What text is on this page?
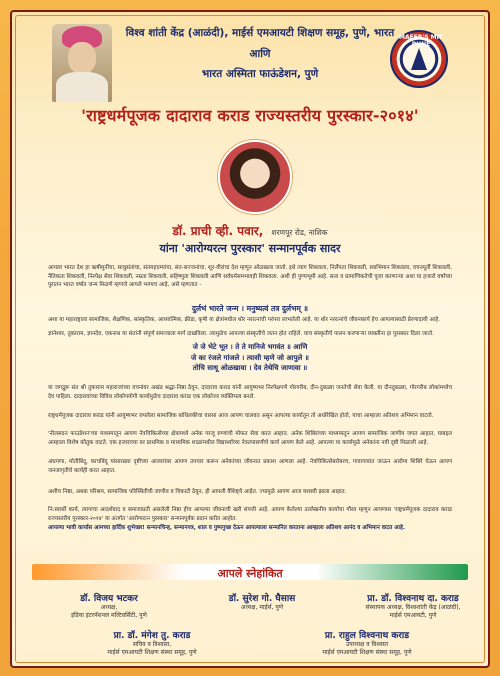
विश्व शांती केंद्र (आळंदी), माईर्स एमआयटी शिक्षण समूह, पुणे, भारत
आणि
भारत अस्मिता फाऊंडेशन, पुणे
MAEER'S MIT PUNE
'राष्ट्रधर्मपूजक दादाराव कराड राज्यस्तरीय पुरस्कार-२०१४'
डॉ. प्राची व्ही. पवार, शरणपूर रोड, नाशिक
यांना 'आरोग्यरत्न पुरस्कार' सन्मानपूर्वक सादर
आपला भारत देश हा ऋषीमुनींचा, साधुसंतांचा, संतमहात्म्यांचा, संत-सज्जनांचा, शूर-वीरांचा देश म्हणून ओळखला जातो. इथे त्याग शिकवला, निर्लेपता शिकवली, स्वाभिमान शिकवला, वचनपूर्ती शिकवली, नैतिकता शिकवली, निरपेक्ष सेवा शिकवली, नम्रता शिकवली, सहिष्णुता शिकवली आणि सर्वधर्मसमभावही शिकवला. अशी ही पुण्यभूमी आहे. सत्य व प्रामाणिकतेची पूजा करणाऱ्या अशा या हजारो वर्षांच्या पुरातन भारत वर्षात जन्म मिळणे म्हणजे आपले भाग्यच आहे, असे म्हणतात -
दुर्लभं भारते जन्म । मनुष्यत्वं तत्र दुर्लभम् ॥
अशा या महाराष्ट्राला सामाजिक, शैक्षणिक, सांस्कृतिक, आध्यात्मिक, क्रीडा, कृषी या क्षेत्रांमधील थोर नररत्नांची परंपरा लाभलेली आहे. या थोर नररत्नांचे जीवनकार्य हेच आपल्यासाठी प्रेरणादायी आहे.
ज्ञानेश्वर, तुकाराम, ज्ञानदेव, एकनाथ या संतांनी संपूर्ण समाजाला मार्ग दाखविला. त्यामुळेच आपल्या संस्कृतीचे जतन होत राहिले. याच संस्कृतीचे पालन करणाऱ्या व्यक्तींना हा पुरस्कार दिला जातो.
जे जे भेटे भूत । ते ते मानिजे भगवंत ॥ आणि
जे का रंजले गांजले । त्यासी म्हणे जो आपुले ॥
तोचि साधू ओळखावा । देव तेथेचि जाणावा ॥
या जगद्गुरू संत श्री तुकाराम महाराजांच्या वचनांवर अखंड श्रद्धा-निष्ठा ठेवून, दादाराव कराड यांनी आयुष्यभर निरपेक्षपणे गोरगरीब, दीन-दुबळ्या जनतेची सेवा केली. या दीनदुबळ्या, गोरगरीब लोकांमध्येच देव पाहिला. दादारावांच्या विविध लोकोपयोगी कार्यामुळेच दादाराव कराड एक लोकोत्तर व्यक्तिमत्व बनले.
राष्ट्रधर्मपूजक दादाराव कराड यांनी आयुष्यभर जपलेला सामाजिक बांधिलकीचा वारसा आज आपण चालवत असून आपल्या कार्यातून तो अधोरेखित होतो, याचा आम्हाला अतिशय अभिमान वाटतो.
'नीलसदन फाउंडेशन'च्या माध्यमातून आपण नेत्रचिकित्सेच्या क्षेत्रामध्ये अनेक गरजू रुग्णांची मोफत सेवा करत आहात. अनेक शिबिरांच्या माध्यमातून आपण सामाजिक जाणीव जपत आहात, याबद्दल आम्हाला विशेष कौतुक वाटते. एक हजाराच्या वर प्राथमिक व माध्यमिक शाळांमधील विद्यार्थ्यांच्या नेत्रतपासणीचे कार्य आपण केले आहे. आपल्या या कार्यामुळे अनेकांना नवी दृष्टी मिळाली आहे.
अंधपणा, मोतीबिंदू, काचबिंदू यांसारख्या दृष्टीच्या आजारांवर आपण उपचार करून अनेकांच्या जीवनात प्रकाश आणला आहे. नेत्रचिकित्सेबरोबरच, गावागावांत जाऊन आरोग्य शिबिरे घेऊन आपण जनजागृतीचे कार्यही करत आहात.
अशीच निष्ठा, अथक परिश्रम, सामाजिक परिस्थितीची जाणीव व चिकाटी ठेवून, ही आपली वैशिष्ट्ये आहेत. ज्यामुळे आपण आज यशस्वी झाला आहात.
नि:स्वार्थी कार्य, त्यागाचा आदर्शवाद व समाजाप्रती असलेली निष्ठा हीच आपल्या जीवनाची खरी संपत्ती आहे. आपण केलेल्या उल्लेखनीय कार्याचा गौरव म्हणून आपणास 'राष्ट्रधर्मपूजक दादाराव कराड राज्यस्तरीय पुरस्कार-२०१४' या अंतर्गत 'आरोग्यरत्न पुरस्कार' सन्मानपूर्वक प्रदान करीत आहोत.
आपल्या भावी कार्यास आमच्या हार्दिक शुभेच्छा! सन्मानचिन्ह, सन्मानपत्र, शाल व पुष्पगुच्छ देऊन आपल्याला सन्मानित करताना आम्हाला अतिशय आनंद व अभिमान वाटत आहे.
आपले स्नेहांकित
डॉ. विजय भटकर
अध्यक्ष,
इंडिया इंटरनॅशनल मल्टिवर्सिटी, पुणे
डॉ. सुरेश गो. घैसास
अध्यक्ष, माईर्स, पुणे
प्रा. डॉ. विश्वनाथ दा. कराड
संस्थापक अध्यक्ष, विश्वशांती केंद्र (आळंदी),
माईर्स एमआयटी, पुणे
प्रा. डॉ. मंगेश तु. कराड
सचिव व विश्वस्त,
माईर्स एमआयटी शिक्षण संस्था समूह, पुणे
प्रा. राहुल विश्वनाथ कराड
उपाध्यक्ष व विश्वस्त
माईर्स एमआयटी शिक्षण संस्था समूह, पुणे
